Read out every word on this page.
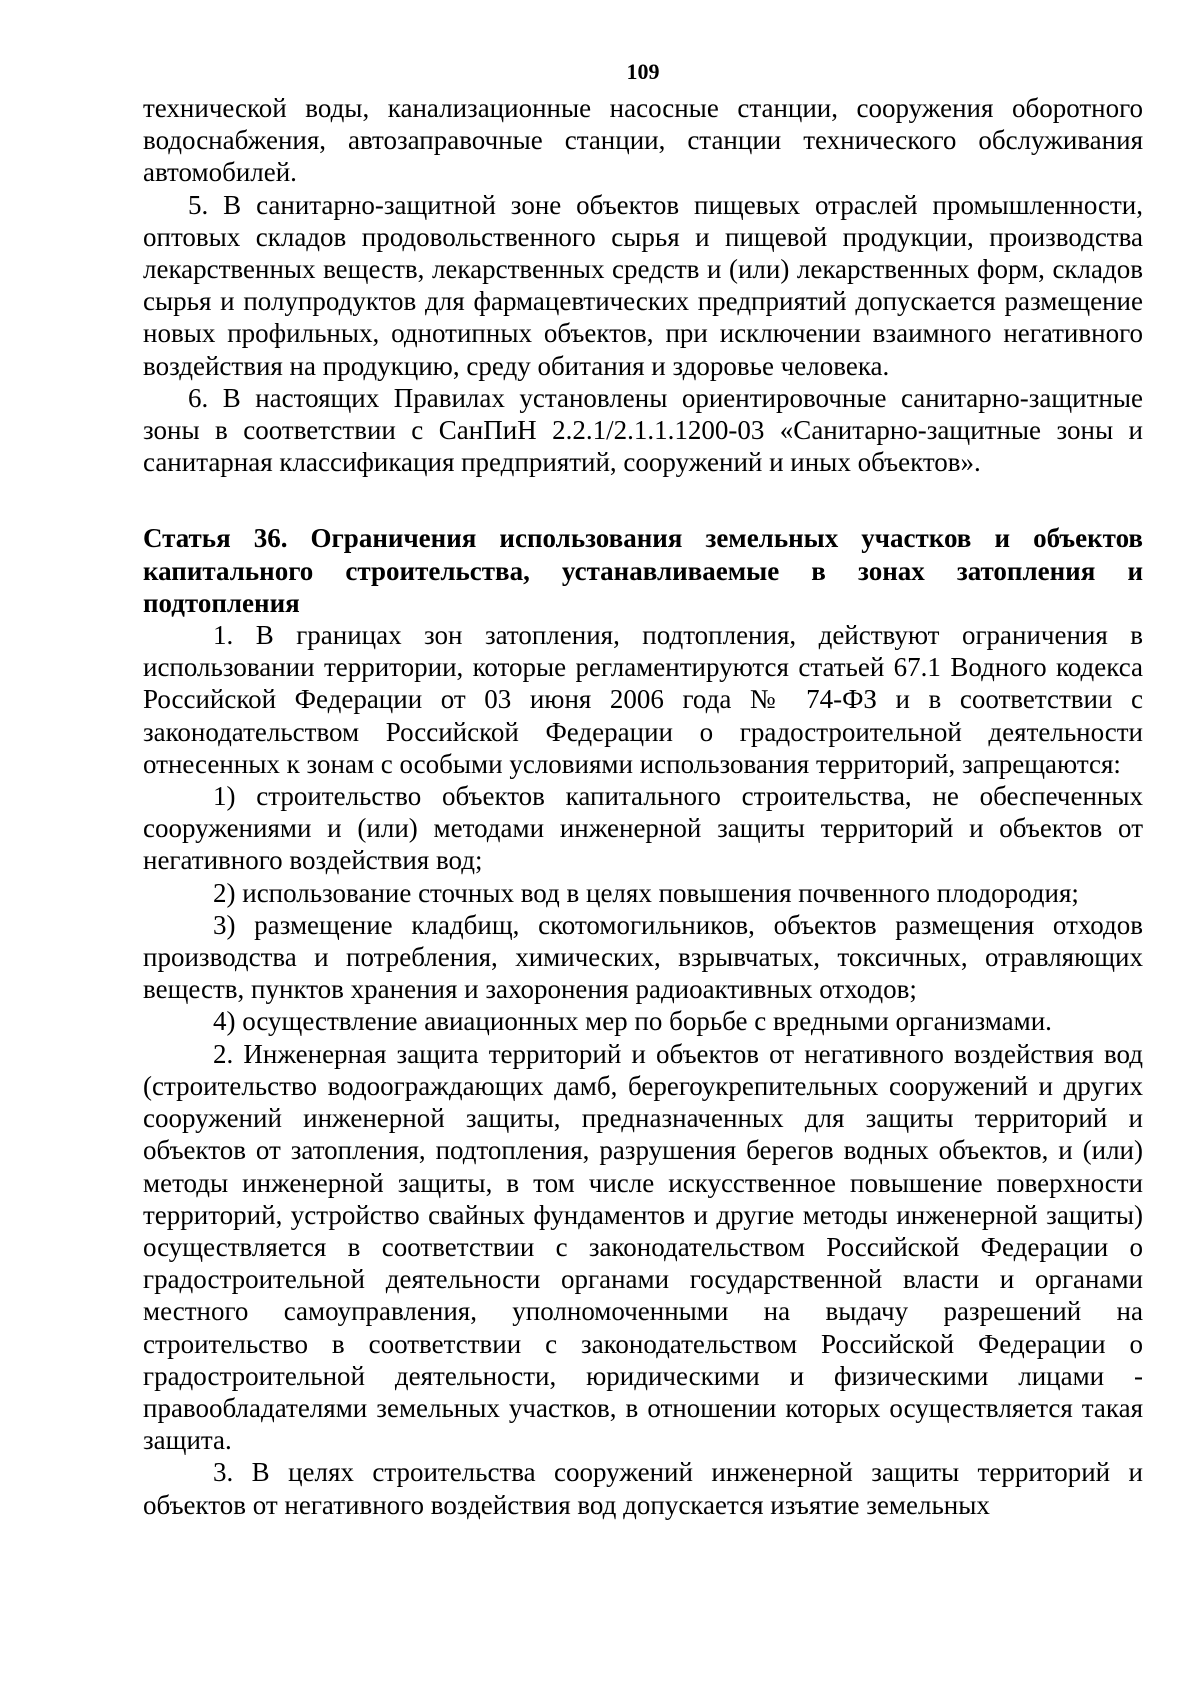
109

технической воды, канализационные насосные станции, сооружения оборотного водоснабжения, автозаправочные станции, станции технического обслуживания автомобилей.

5. В санитарно-защитной зоне объектов пищевых отраслей промышленности, оптовых складов продовольственного сырья и пищевой продукции, производства лекарственных веществ, лекарственных средств и (или) лекарственных форм, складов сырья и полупродуктов для фармацевтических предприятий допускается размещение новых профильных, однотипных объектов, при исключении взаимного негативного воздействия на продукцию, среду обитания и здоровье человека.

6. В настоящих Правилах установлены ориентировочные санитарно-защитные зоны в соответствии с СанПиН 2.2.1/2.1.1.1200-03 «Санитарно-защитные зоны и санитарная классификация предприятий, сооружений и иных объектов».

Статья 36. Ограничения использования земельных участков и объектов капитального строительства, устанавливаемые в зонах затопления и подтопления

1. В границах зон затопления, подтопления, действуют ограничения в использовании территории, которые регламентируются статьей 67.1 Водного кодекса Российской Федерации от 03 июня 2006 года № 74-ФЗ и в соответствии с законодательством Российской Федерации о градостроительной деятельности отнесенных к зонам с особыми условиями использования территорий, запрещаются:

1) строительство объектов капитального строительства, не обеспеченных сооружениями и (или) методами инженерной защиты территорий и объектов от негативного воздействия вод;

2) использование сточных вод в целях повышения почвенного плодородия;

3) размещение кладбищ, скотомогильников, объектов размещения отходов производства и потребления, химических, взрывчатых, токсичных, отравляющих веществ, пунктов хранения и захоронения радиоактивных отходов;

4) осуществление авиационных мер по борьбе с вредными организмами.

2. Инженерная защита территорий и объектов от негативного воздействия вод (строительство водоограждающих дамб, берегоукрепительных сооружений и других сооружений инженерной защиты, предназначенных для защиты территорий и объектов от затопления, подтопления, разрушения берегов водных объектов, и (или) методы инженерной защиты, в том числе искусственное повышение поверхности территорий, устройство свайных фундаментов и другие методы инженерной защиты) осуществляется в соответствии с законодательством Российской Федерации о градостроительной деятельности органами государственной власти и органами местного самоуправления, уполномоченными на выдачу разрешений на строительство в соответствии с законодательством Российской Федерации о градостроительной деятельности, юридическими и физическими лицами - правообладателями земельных участков, в отношении которых осуществляется такая защита.

3. В целях строительства сооружений инженерной защиты территорий и объектов от негативного воздействия вод допускается изъятие земельных
